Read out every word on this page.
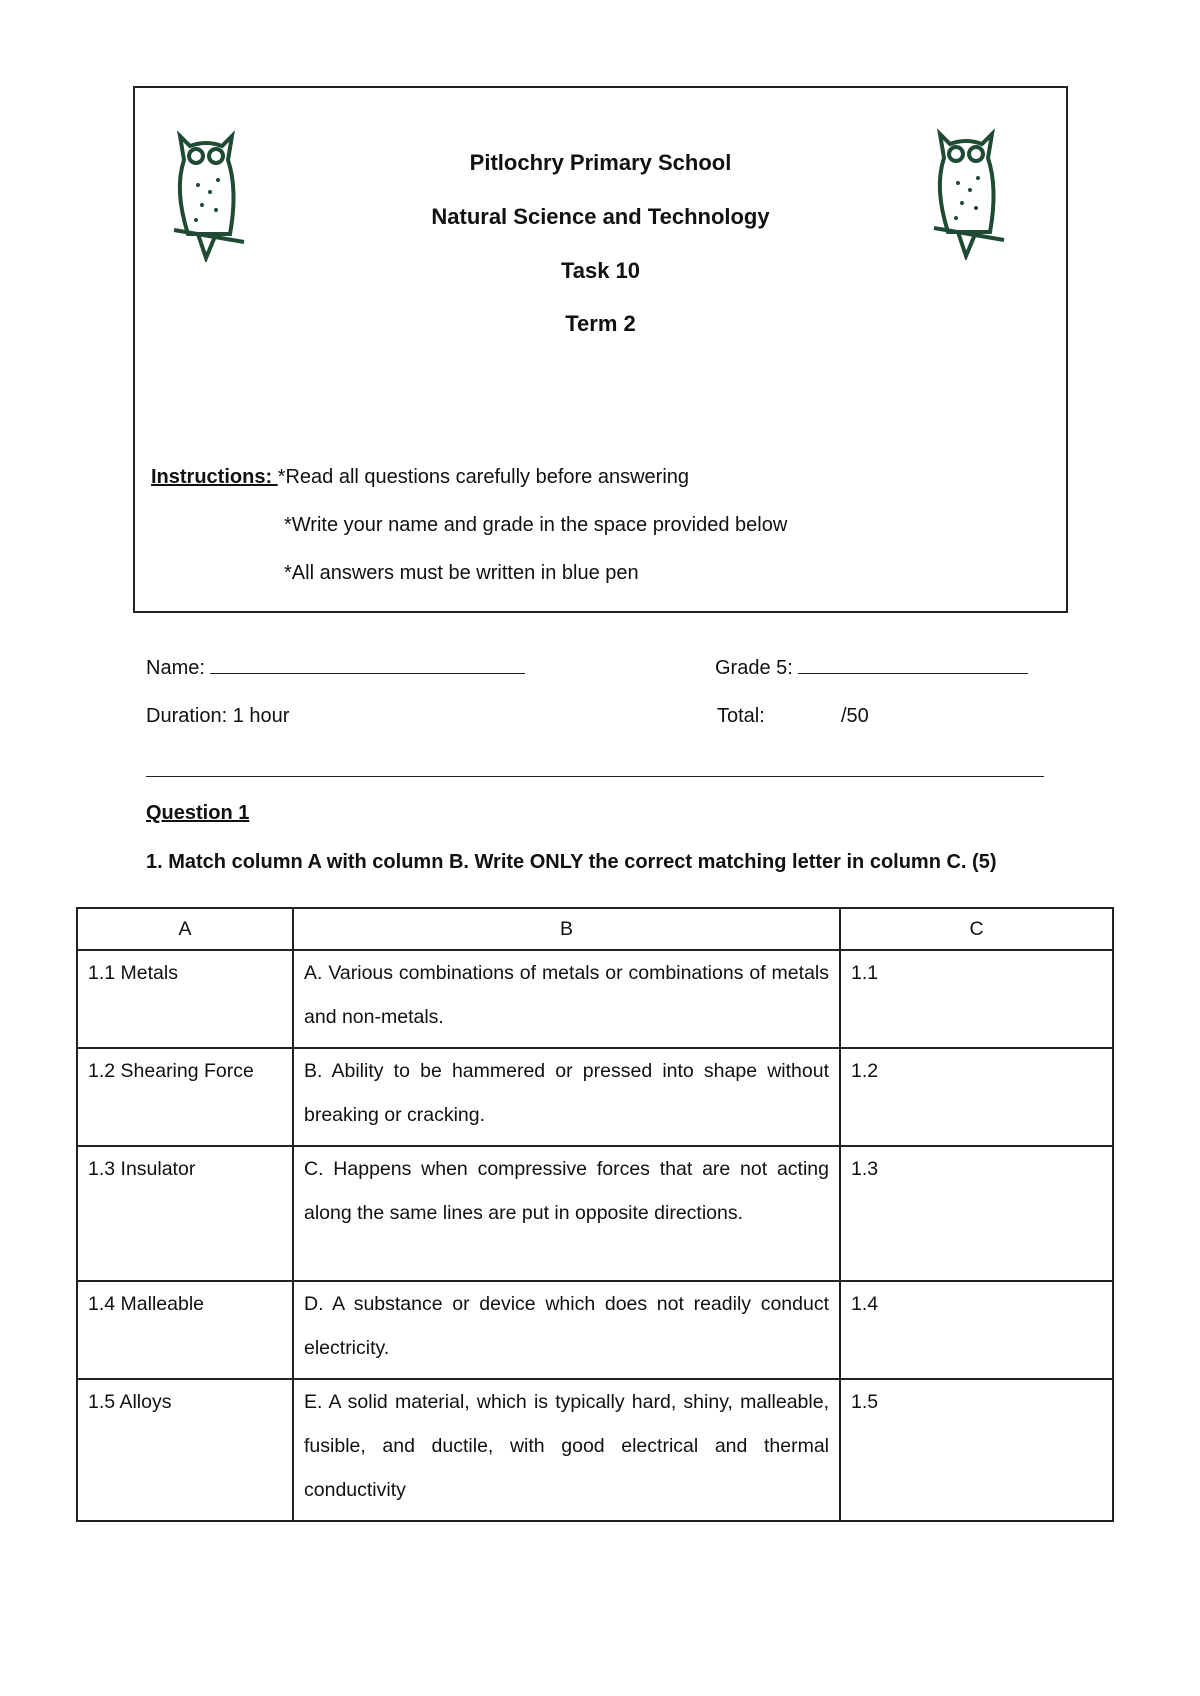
Pitlochry Primary School
Natural Science and Technology
Task 10
Term 2
Instructions: *Read all questions carefully before answering
*Write your name and grade in the space provided below
*All answers must be written in blue pen
Name:	Grade 5:
Duration: 1 hour	Total:	/50
Question 1
1. Match column A with column B. Write ONLY the correct matching letter in column C. (5)
A	B	C
1.1 Metals	A. Various combinations of metals or combinations of metals and non-metals.	1.1
1.2 Shearing Force	B. Ability to be hammered or pressed into shape without breaking or cracking.	1.2
1.3 Insulator	C. Happens when compressive forces that are not acting along the same lines are put in opposite directions.	1.3
1.4 Malleable	D. A substance or device which does not readily conduct electricity.	1.4
1.5 Alloys	E. A solid material, which is typically hard, shiny, malleable, fusible, and ductile, with good electrical and thermal conductivity	1.5
